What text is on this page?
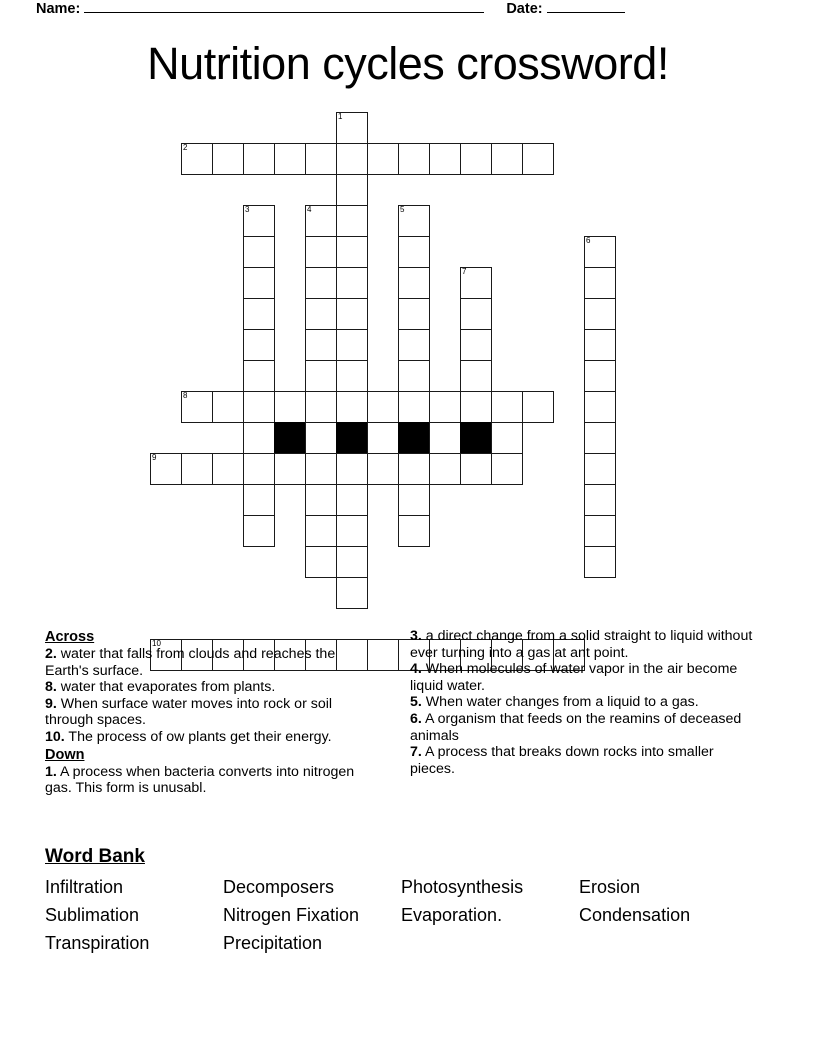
Name:	Date:
Nutrition cycles crossword!
1
2
3	4	5
6
7
8
9
10
Across
2. water that falls from clouds and reaches the Earth's surface.
8. water that evaporates from plants.
9. When surface water moves into rock or soil through spaces.
10. The process of ow plants get their energy.
Down
1. A process when bacteria converts into nitrogen gas. This form is unusabl.
3. a direct change from a solid straight to liquid without ever turning into a gas at ant point.
4. When molecules of water vapor in the air become liquid water.
5. When water changes from a liquid to a gas.
6. A organism that feeds on the reamins of deceased animals
7. A process that breaks down rocks into smaller pieces.
Word Bank
Infiltration	Decomposers	Photosynthesis	Erosion
Sublimation	Nitrogen Fixation	Evaporation.	Condensation
Transpiration	Precipitation
